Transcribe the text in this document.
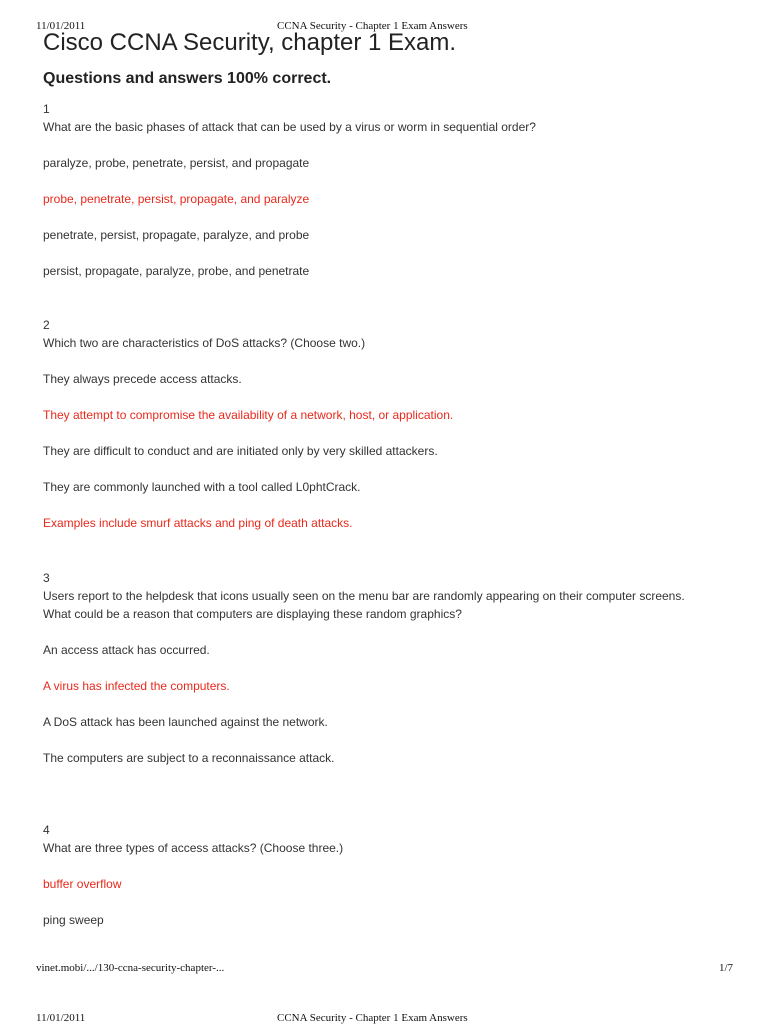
11/01/2011	CCNA Security - Chapter 1 Exam Answers
Cisco CCNA Security, chapter 1 Exam.
Questions and answers 100% correct.
1
What are the basic phases of attack that can be used by a virus or worm in sequential order?
paralyze, probe, penetrate, persist, and propagate
probe, penetrate, persist, propagate, and paralyze
penetrate, persist, propagate, paralyze, and probe
persist, propagate, paralyze, probe, and penetrate
2
Which two are characteristics of DoS attacks? (Choose two.)
They always precede access attacks.
They attempt to compromise the availability of a network, host, or application.
They are difficult to conduct and are initiated only by very skilled attackers.
They are commonly launched with a tool called L0phtCrack.
Examples include smurf attacks and ping of death attacks.
3
Users report to the helpdesk that icons usually seen on the menu bar are randomly appearing on their computer screens.
What could be a reason that computers are displaying these random graphics?
An access attack has occurred.
A virus has infected the computers.
A DoS attack has been launched against the network.
The computers are subject to a reconnaissance attack.
4
What are three types of access attacks? (Choose three.)
buffer overflow
ping sweep
vinet.mobi/.../130-ccna-security-chapter-...	1/7
11/01/2011	CCNA Security - Chapter 1 Exam Answers
